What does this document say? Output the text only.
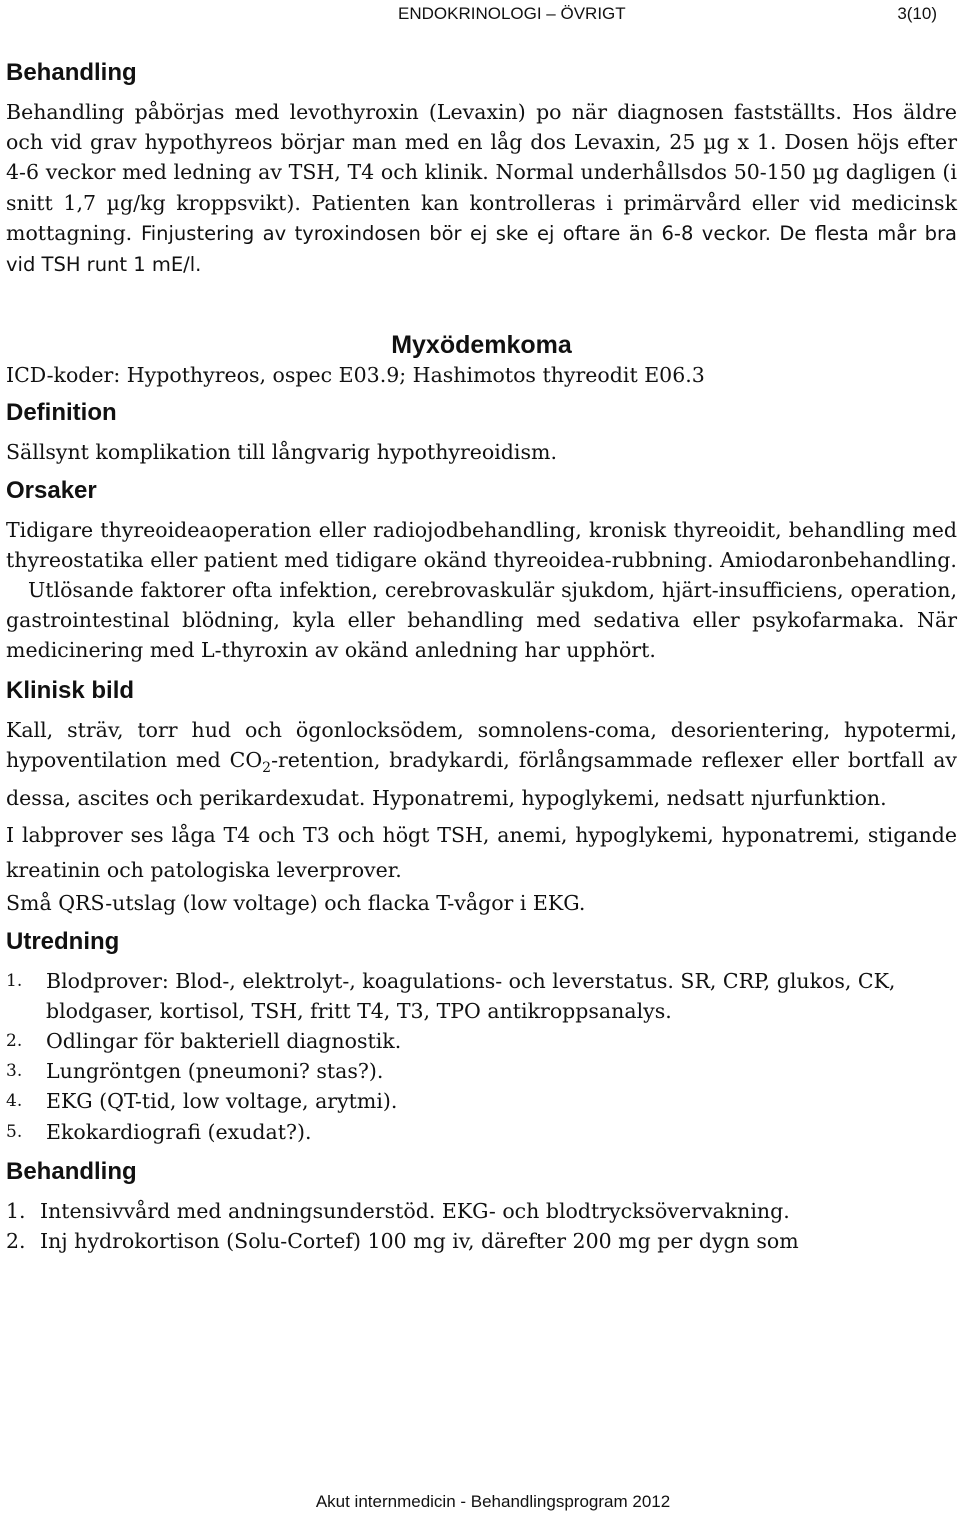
ENDOKRINOLOGI – ÖVRIGT	3(10)
Behandling

Behandling påbörjas med levothyroxin (Levaxin) po när diagnosen fastställts. Hos äldre och vid grav hypothyreos börjar man med en låg dos Levaxin, 25 µg x 1. Dosen höjs efter 4-6 veckor med ledning av TSH, T4 och klinik. Normal underhållsdos 50-150 µg dagligen (i snitt 1,7 µg/kg kroppsvikt). Patienten kan kontrolleras i primärvård eller vid medicinsk mottagning. Finjustering av tyroxindosen bör ej ske ej oftare än 6-8 veckor. De flesta mår bra vid TSH runt 1 mE/l.

Myxödemkoma

ICD-koder: Hypothyreos, ospec E03.9; Hashimotos thyreodit E06.3

Definition

Sällsynt komplikation till långvarig hypothyreoidism.

Orsaker

Tidigare thyreoideaoperation eller radiojodbehandling, kronisk thyreoidit, behandling med thyreostatika eller patient med tidigare okänd thyreoidea-rubbning. Amiodaronbehandling.

Utlösande faktorer ofta infektion, cerebrovaskulär sjukdom, hjärt-insufficiens, operation, gastrointestinal blödning, kyla eller behandling med sedativa eller psykofarmaka. När medicinering med L-thyroxin av okänd anledning har upphört.

Klinisk bild

Kall, sträv, torr hud och ögonlocksödem, somnolens-coma, desorientering, hypotermi, hypoventilation med $CO_2$-retention, bradykardi, förlångsammade reflexer eller bortfall av dessa, ascites och perikardexudat. Hyponatremi, hypoglykemi, nedsatt njurfunktion.

I labprover ses låga T4 och T3 och högt TSH, anemi, hypoglykemi, hyponatremi, stigande kreatinin och patologiska leverprover.

Små QRS-utslag (low voltage) och flacka T-vågor i EKG.

Utredning
1. Blodprover: Blod-, elektrolyt-, koagulations- och leverstatus. SR, CRP, glukos, CK, blodgaser, kortisol, TSH, fritt T4, T3, TPO antikroppsanalys.
2. Odlingar för bakteriell diagnostik.
3. Lungröntgen (pneumoni? stas?).
4. EKG (QT-tid, low voltage, arytmi).
5. Ekokardiografi (exudat?).
Behandling
1. Intensivvård med andningsunderstöd. EKG- och blodtrycksövervakning.
2. Inj hydrokortison (Solu-Cortef) 100 mg iv, därefter 200 mg per dygn som
Akut internmedicin - Behandlingsprogram 2012
